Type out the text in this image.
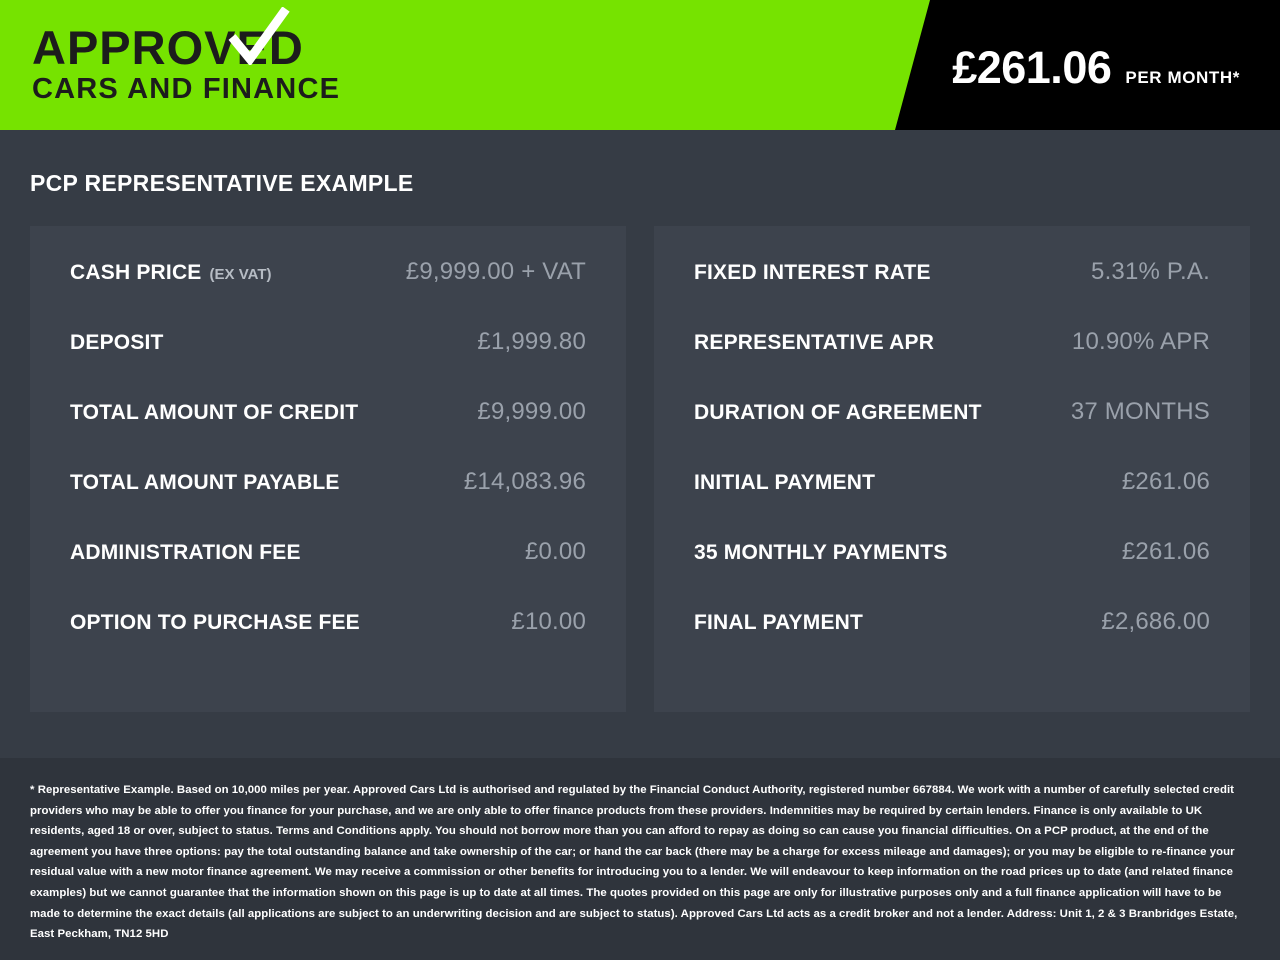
APPROVED
CARS AND FINANCE	£261.06 PER MONTH*
PCP REPRESENTATIVE EXAMPLE
CASH PRICE (EX VAT)	£9,999.00 + VAT
DEPOSIT	£1,999.80
TOTAL AMOUNT OF CREDIT	£9,999.00
TOTAL AMOUNT PAYABLE	£14,083.96
ADMINISTRATION FEE	£0.00
OPTION TO PURCHASE FEE	£10.00
FIXED INTEREST RATE	5.31% P.A.
REPRESENTATIVE APR	10.90% APR
DURATION OF AGREEMENT	37 MONTHS
INITIAL PAYMENT	£261.06
35 MONTHLY PAYMENTS	£261.06
FINAL PAYMENT	£2,686.00

* Representative Example. Based on 10,000 miles per year. Approved Cars Ltd is authorised and regulated by the Financial Conduct Authority, registered number 667884. We work with a number of carefully selected credit providers who may be able to offer you finance for your purchase, and we are only able to offer finance products from these providers. Indemnities may be required by certain lenders. Finance is only available to UK residents, aged 18 or over, subject to status. Terms and Conditions apply. You should not borrow more than you can afford to repay as doing so can cause you financial difficulties. On a PCP product, at the end of the agreement you have three options: pay the total outstanding balance and take ownership of the car; or hand the car back (there may be a charge for excess mileage and damages); or you may be eligible to re-finance your residual value with a new motor finance agreement. We may receive a commission or other benefits for introducing you to a lender. We will endeavour to keep information on the road prices up to date (and related finance examples) but we cannot guarantee that the information shown on this page is up to date at all times. The quotes provided on this page are only for illustrative purposes only and a full finance application will have to be made to determine the exact details (all applications are subject to an underwriting decision and are subject to status). Approved Cars Ltd acts as a credit broker and not a lender. Address: Unit 1, 2 & 3 Branbridges Estate, East Peckham, TN12 5HD
